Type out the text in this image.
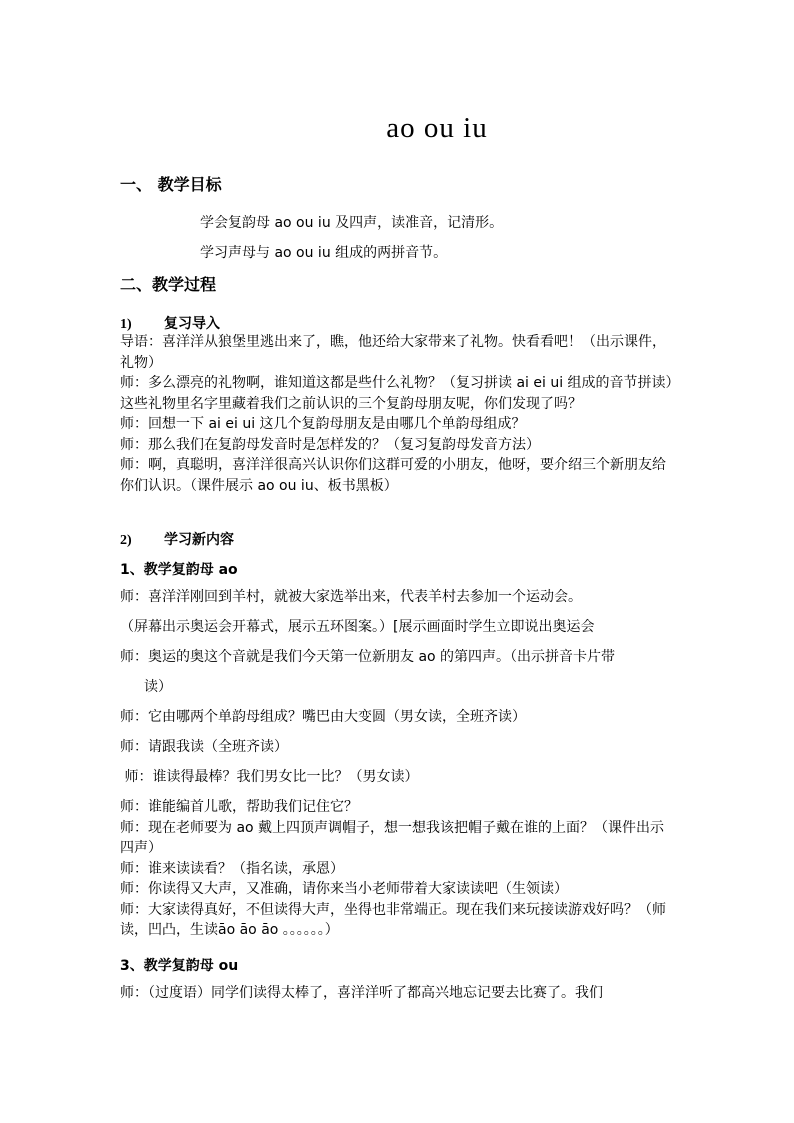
ao ou iu
一、 教学目标
学会复韵母 ao ou iu 及四声，读准音，记清形。
学习声母与 ao ou iu 组成的两拼音节。
二、教学过程
1) 复习导入

导语：喜洋洋从狼堡里逃出来了，瞧，他还给大家带来了礼物。快看看吧！（出示课件，礼物）

师：多么漂亮的礼物啊，谁知道这都是些什么礼物？（复习拼读 ai ei ui 组成的音节拼读）

这些礼物里名字里藏着我们之前认识的三个复韵母朋友呢，你们发现了吗？

师：回想一下 ai ei ui 这几个复韵母朋友是由哪几个单韵母组成？

师：那么我们在复韵母发音时是怎样发的？（复习复韵母发音方法）

师：啊，真聪明，喜洋洋很高兴认识你们这群可爱的小朋友，他呀，要介绍三个新朋友给你们认识。（课件展示 ao ou iu、板书黑板）

2) 学习新内容
1、教学复韵母 ao
师：喜洋洋刚回到羊村，就被大家选举出来，代表羊村去参加一个运动会。
（屏幕出示奥运会开幕式，展示五环图案。）[展示画面时学生立即说出奥运会
师：奥运的奥这个音就是我们今天第一位新朋友 ao 的第四声。（出示拼音卡片带
读）
师：它由哪两个单韵母组成？嘴巴由大变圆（男女读，全班齐读）
师：请跟我读（全班齐读）
师：谁读得最棒？我们男女比一比？（男女读）

师：谁能编首儿歌，帮助我们记住它？

师：现在老师要为 ao 戴上四顶声调帽子，想一想我该把帽子戴在谁的上面？（课件出示四声）

师：谁来读读看？（指名读，承恩）

师：你读得又大声，又准确，请你来当小老师带着大家读读吧（生领读）

师：大家读得真好，不但读得大声，坐得也非常端正。现在我们来玩接读游戏好吗？（师读，凹凸，生读āo āo āo 。。。。。。）

3、教学复韵母 ou
师：（过度语）同学们读得太棒了，喜洋洋听了都高兴地忘记要去比赛了。我们
